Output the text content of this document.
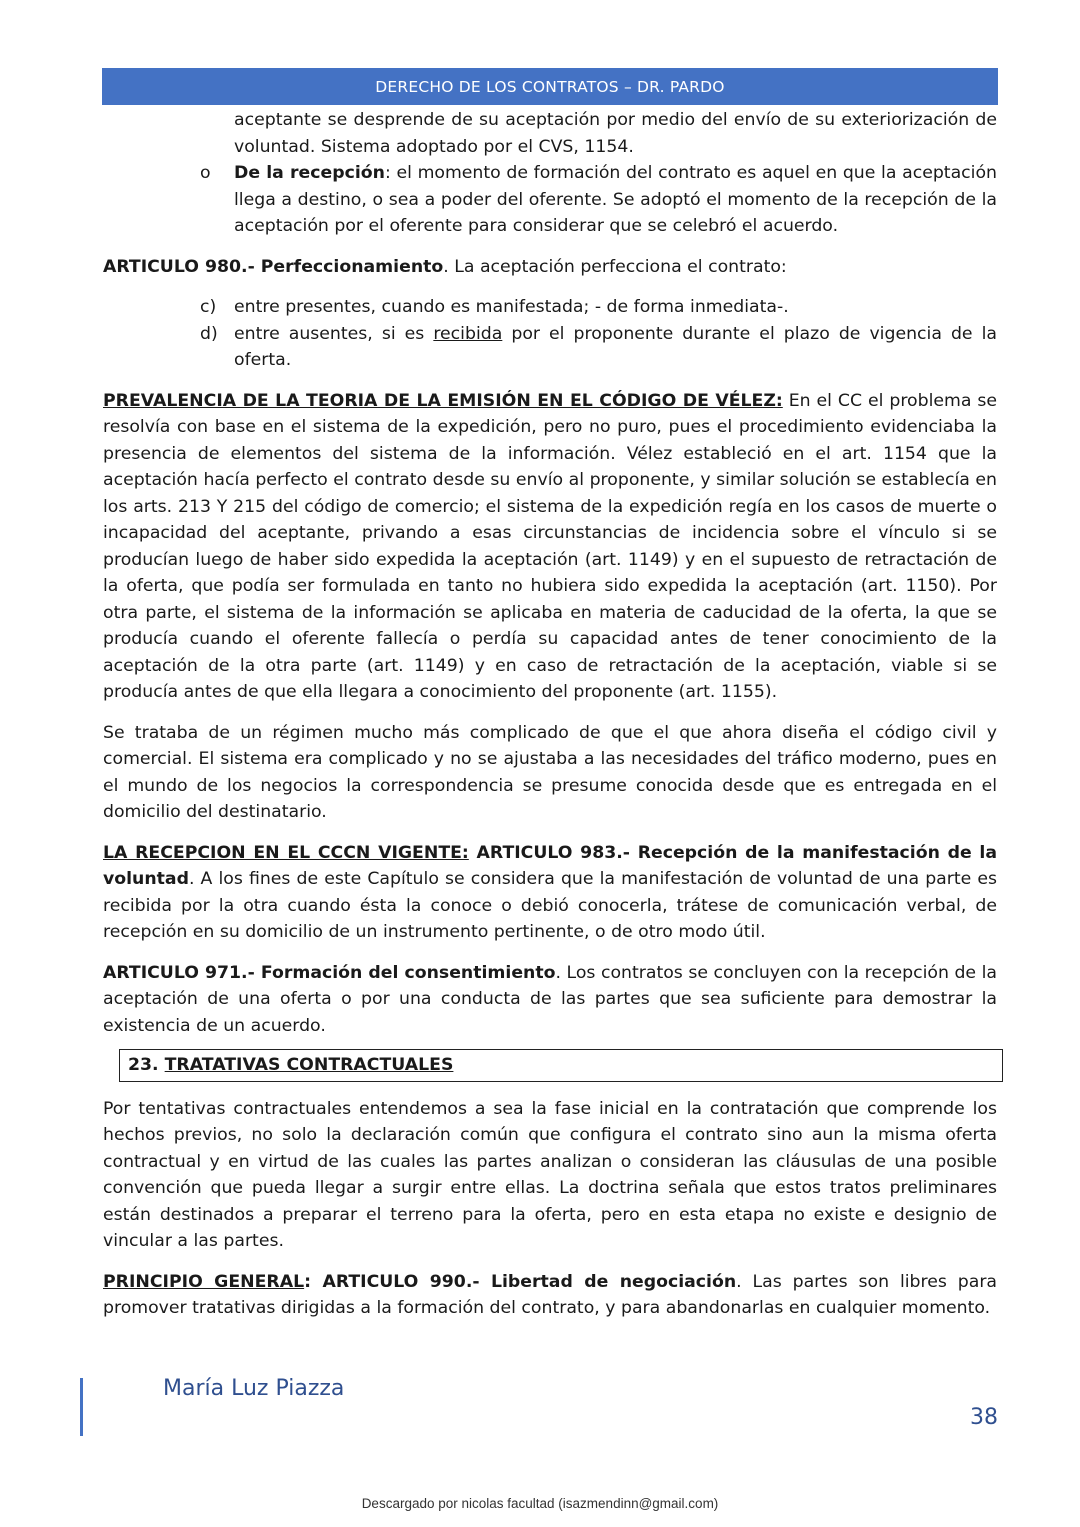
DERECHO DE LOS CONTRATOS – DR. PARDO

aceptante se desprende de su aceptación por medio del envío de su exteriorización de voluntad. Sistema adoptado por el CVS, 1154.

o De la recepción: el momento de formación del contrato es aquel en que la aceptación llega a destino, o sea a poder del oferente. Se adoptó el momento de la recepción de la aceptación por el oferente para considerar que se celebró el acuerdo.

ARTICULO 980.- Perfeccionamiento. La aceptación perfecciona el contrato:

c) entre presentes, cuando es manifestada; - de forma inmediata-.

d) entre ausentes, si es recibida por el proponente durante el plazo de vigencia de la oferta.

PREVALENCIA DE LA TEORIA DE LA EMISIÓN EN EL CÓDIGO DE VÉLEZ: En el CC el problema se resolvía con base en el sistema de la expedición, pero no puro, pues el procedimiento evidenciaba la presencia de elementos del sistema de la información. Vélez estableció en el art. 1154 que la aceptación hacía perfecto el contrato desde su envío al proponente, y similar solución se establecía en los arts. 213 Y 215 del código de comercio; el sistema de la expedición regía en los casos de muerte o incapacidad del aceptante, privando a esas circunstancias de incidencia sobre el vínculo si se producían luego de haber sido expedida la aceptación (art. 1149) y en el supuesto de retractación de la oferta, que podía ser formulada en tanto no hubiera sido expedida la aceptación (art. 1150). Por otra parte, el sistema de la información se aplicaba en materia de caducidad de la oferta, la que se producía cuando el oferente fallecía o perdía su capacidad antes de tener conocimiento de la aceptación de la otra parte (art. 1149) y en caso de retractación de la aceptación, viable si se producía antes de que ella llegara a conocimiento del proponente (art. 1155).

Se trataba de un régimen mucho más complicado de que el que ahora diseña el código civil y comercial. El sistema era complicado y no se ajustaba a las necesidades del tráfico moderno, pues en el mundo de los negocios la correspondencia se presume conocida desde que es entregada en el domicilio del destinatario.

LA RECEPCION EN EL CCCN VIGENTE: ARTICULO 983.- Recepción de la manifestación de la voluntad. A los fines de este Capítulo se considera que la manifestación de voluntad de una parte es recibida por la otra cuando ésta la conoce o debió conocerla, trátese de comunicación verbal, de recepción en su domicilio de un instrumento pertinente, o de otro modo útil.

ARTICULO 971.- Formación del consentimiento. Los contratos se concluyen con la recepción de la aceptación de una oferta o por una conducta de las partes que sea suficiente para demostrar la existencia de un acuerdo.

23. TRATATIVAS CONTRACTUALES

Por tentativas contractuales entendemos a sea la fase inicial en la contratación que comprende los hechos previos, no solo la declaración común que configura el contrato sino aun la misma oferta contractual y en virtud de las cuales las partes analizan o consideran las cláusulas de una posible convención que pueda llegar a surgir entre ellas. La doctrina señala que estos tratos preliminares están destinados a preparar el terreno para la oferta, pero en esta etapa no existe e designio de vincular a las partes.

PRINCIPIO GENERAL: ARTICULO 990.- Libertad de negociación. Las partes son libres para promover tratativas dirigidas a la formación del contrato, y para abandonarlas en cualquier momento.

María Luz Piazza
38
Descargado por nicolas facultad (isazmendinn@gmail.com)
